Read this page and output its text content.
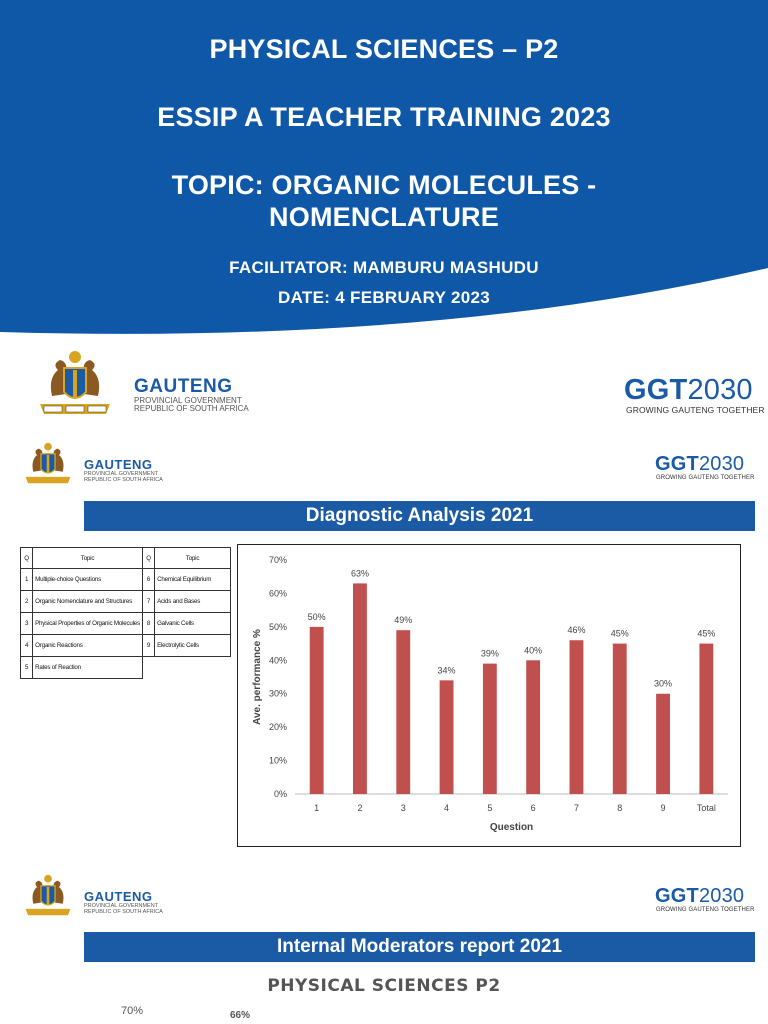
PHYSICAL SCIENCES – P2
ESSIP A TEACHER TRAINING 2023
TOPIC: ORGANIC MOLECULES -
NOMENCLATURE
FACILITATOR: MAMBURU MASHUDU
DATE: 4 FEBRUARY 2023
GAUTENG
PROVINCIAL GOVERNMENT
REPUBLIC OF SOUTH AFRICA
GGT2030
GROWING GAUTENG TOGETHER
GAUTENG
PROVINCIAL GOVERNMENT
REPUBLIC OF SOUTH AFRICA
GGT2030
GROWING GAUTENG TOGETHER
Diagnostic Analysis 2021
Q	Topic	Q	Topic
1	Multiple-choice Questions	6	Chemical Equilibrium
2	Organic Nomenclature and Structures	7	Acids and Bases
3	Physical Properties of Organic Molecules	8	Galvanic Cells
4	Organic Reactions	9	Electrolytic Cells
5	Rates of Reaction		
0%
10%
20%
30%
40%
50%
60%
70%
50%
1
63%
2
49%
3
34%
4
39%
5
40%
6
46%
7
45%
8
30%
9
45%
Total
Question
Ave. performance %
GAUTENG
PROVINCIAL GOVERNMENT
REPUBLIC OF SOUTH AFRICA
GGT2030
GROWING GAUTENG TOGETHER
Internal Moderators report 2021
PHYSICAL SCIENCES P2
70%	66%
